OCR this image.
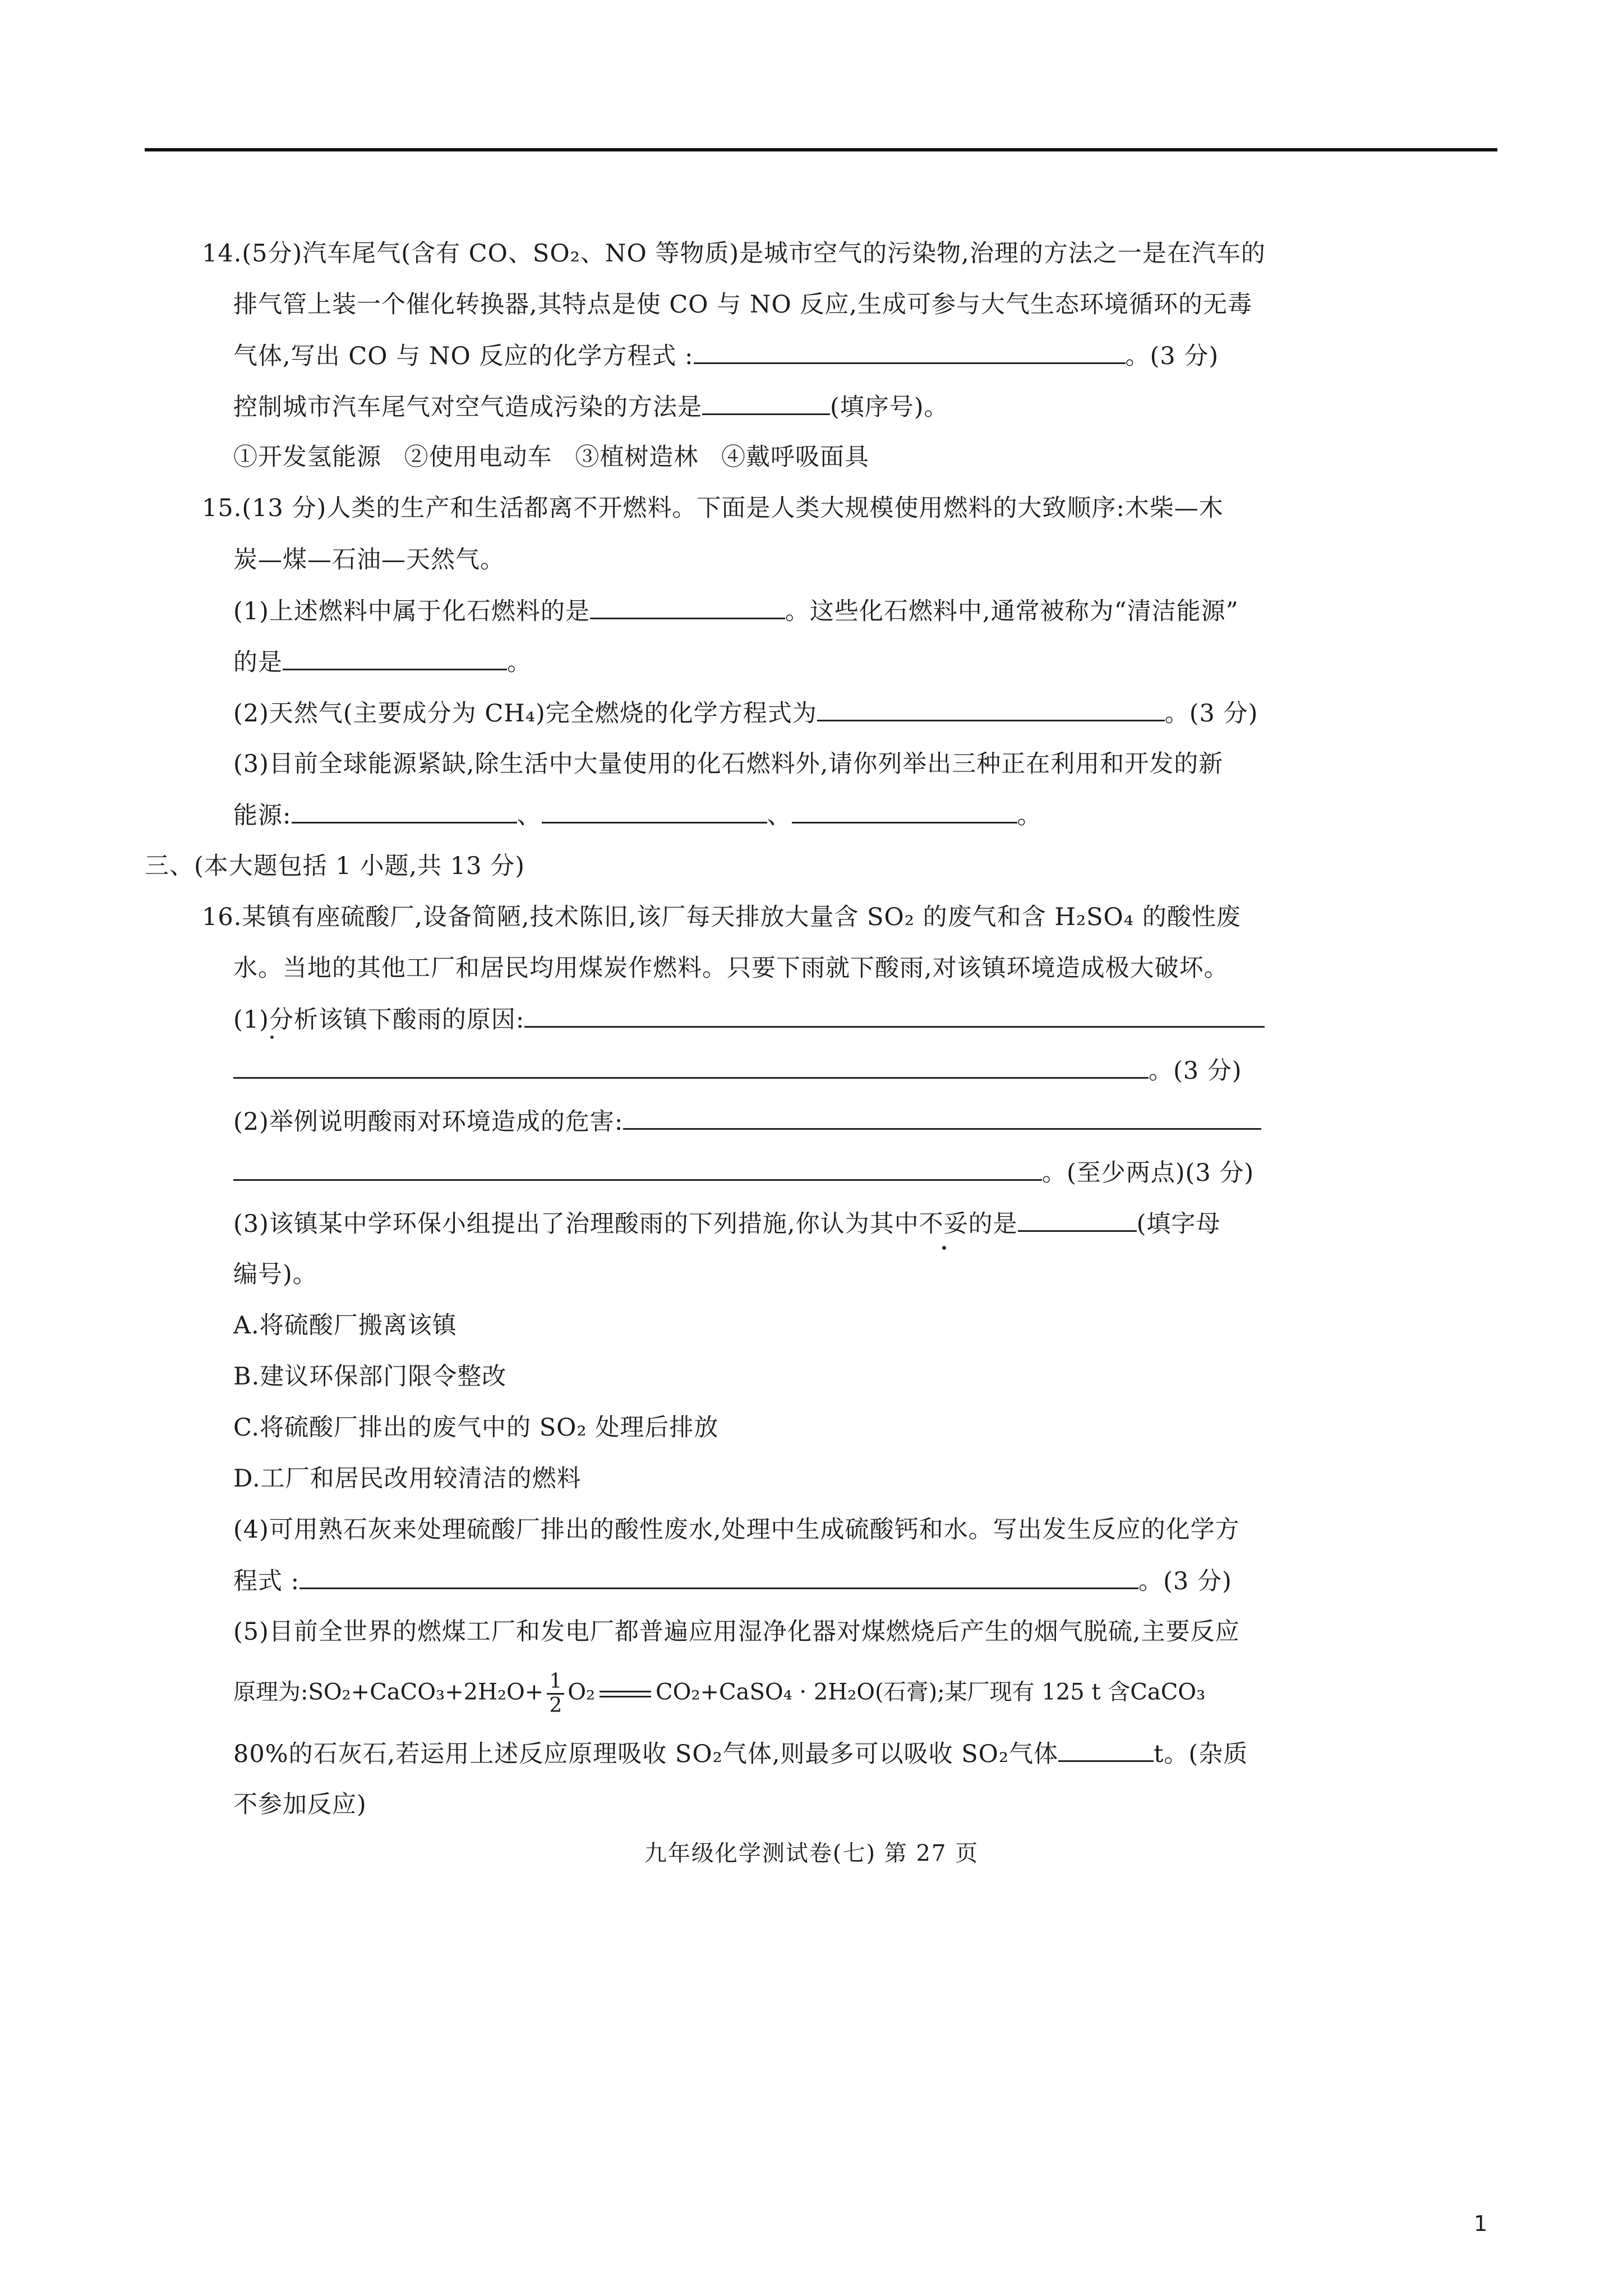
14.(5分)汽车尾气(含有 CO、SO₂、NO 等物质)是城市空气的污染物,治理的方法之一是在汽车的
排气管上装一个催化转换器,其特点是使 CO 与 NO 反应,生成可参与大气生态环境循环的无毒
气体,写出 CO 与 NO 反应的化学方程式 :	。(3 分)
控制城市汽车尾气对空气造成污染的方法是	(填序号)。
①开发氢能源 ②使用电动车 ③植树造林 ④戴呼吸面具
15.(13 分)人类的生产和生活都离不开燃料。下面是人类大规模使用燃料的大致顺序:木柴—木
炭—煤—石油—天然气。
(1)上述燃料中属于化石燃料的是	。这些化石燃料中,通常被称为“清洁能源”
的是	。
(2)天然气(主要成分为 CH₄)完全燃烧的化学方程式为	。(3 分)
(3)目前全球能源紧缺,除生活中大量使用的化石燃料外,请你列举出三种正在利用和开发的新
能源:	、	、	。
三、(本大题包括 1 小题,共 13 分)
16.某镇有座硫酸厂,设备简陋,技术陈旧,该厂每天排放大量含 SO₂ 的废气和含 H₂SO₄ 的酸性废
水。当地的其他工厂和居民均用煤炭作燃料。只要下雨就下酸雨,对该镇环境造成极大破坏。
(1)分析该镇下酸雨的原因:
。(3 分)
(2)举例说明酸雨对环境造成的危害:
。(至少两点)(3 分)
(3)该镇某中学环保小组提出了治理酸雨的下列措施,你认为其中不妥的是	(填字母
编号)。
A.将硫酸厂搬离该镇
B.建议环保部门限令整改
C.将硫酸厂排出的废气中的 SO₂ 处理后排放
D.工厂和居民改用较清洁的燃料
(4)可用熟石灰来处理硫酸厂排出的酸性废水,处理中生成硫酸钙和水。写出发生反应的化学方
程式 :	。(3 分)
(5)目前全世界的燃煤工厂和发电厂都普遍应用湿净化器对煤燃烧后产生的烟气脱硫,主要反应
原理为:SO₂+CaCO₃+2H₂O+ $\frac{1}{2} O_2$	CO₂+CaSO₄ · 2H₂O(石膏);某厂现有 125 t 含CaCO₃
80%的石灰石,若运用上述反应原理吸收 SO₂气体,则最多可以吸收 SO₂气体	t。(杂质
不参加反应)
九年级化学测试卷(七) 第 27 页
1
